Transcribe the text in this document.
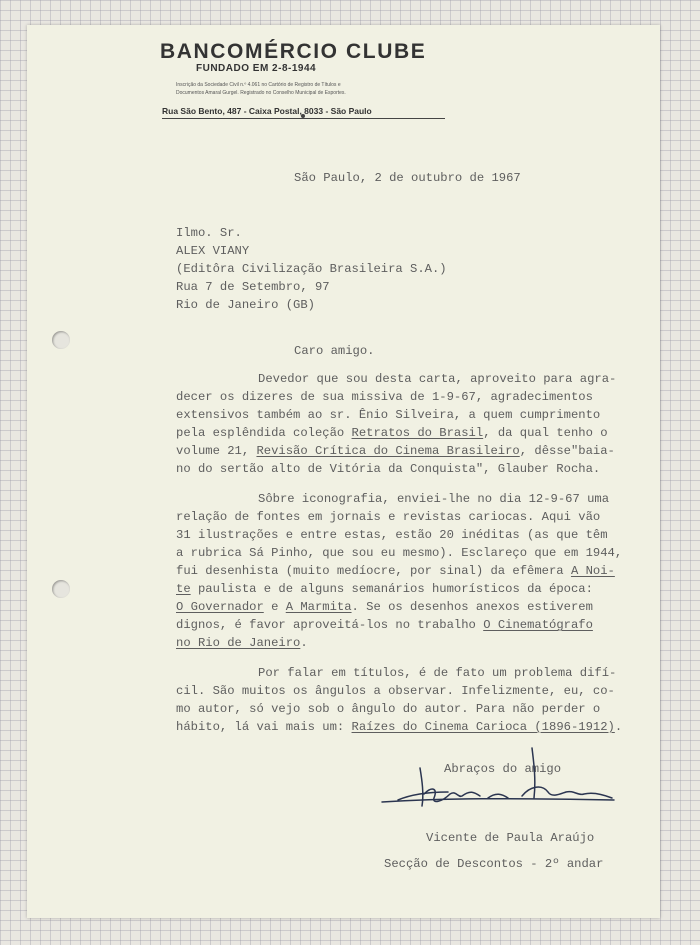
BANCOMÉRCIO CLUBE
FUNDADO EM 2-8-1944
Inscrição da Sociedade Civil n.º 4.061 no Cartório de Registro de Títulos e
Documentos Amaral Gurgel. Registrado no Conselho Municipal de Esportes.
Rua São Bento, 487 - Caixa Postal, 8033 - São Paulo

São Paulo, 2 de outubro de 1967

Ilmo. Sr.

ALEX VIANY

(Editôra Civilização Brasileira S.A.)

Rua 7 de Setembro, 97

Rio de Janeiro (GB)

Caro amigo.

Devedor que sou desta carta, aproveito para agra-

decer os dizeres de sua missiva de 1-9-67, agradecimentos

extensivos também ao sr. Ênio Silveira, a quem cumprimento

pela esplêndida coleção Retratos do Brasil, da qual tenho o

volume 21, Revisão Crítica do Cinema Brasileiro, dêsse"baia-

no do sertão alto de Vitória da Conquista", Glauber Rocha.

Sôbre iconografia, enviei-lhe no dia 12-9-67 uma

relação de fontes em jornais e revistas cariocas. Aqui vão

31 ilustrações e entre estas, estão 20 inéditas (as que têm

a rubrica Sá Pinho, que sou eu mesmo). Esclareço que em 1944,

fui desenhista (muito medíocre, por sinal) da efêmera A Noi-

te paulista e de alguns semanários humorísticos da época:

O Governador e A Marmita. Se os desenhos anexos estiverem

dignos, é favor aproveitá-los no trabalho O Cinematógrafo

no Rio de Janeiro.

Por falar em títulos, é de fato um problema difí-

cil. São muitos os ângulos a observar. Infelizmente, eu, co-

mo autor, só vejo sob o ângulo do autor. Para não perder o

hábito, lá vai mais um: Raízes do Cinema Carioca (1896-1912).

Abraços do amigo

Vicente de Paula Araújo

Secção de Descontos - 2º andar
